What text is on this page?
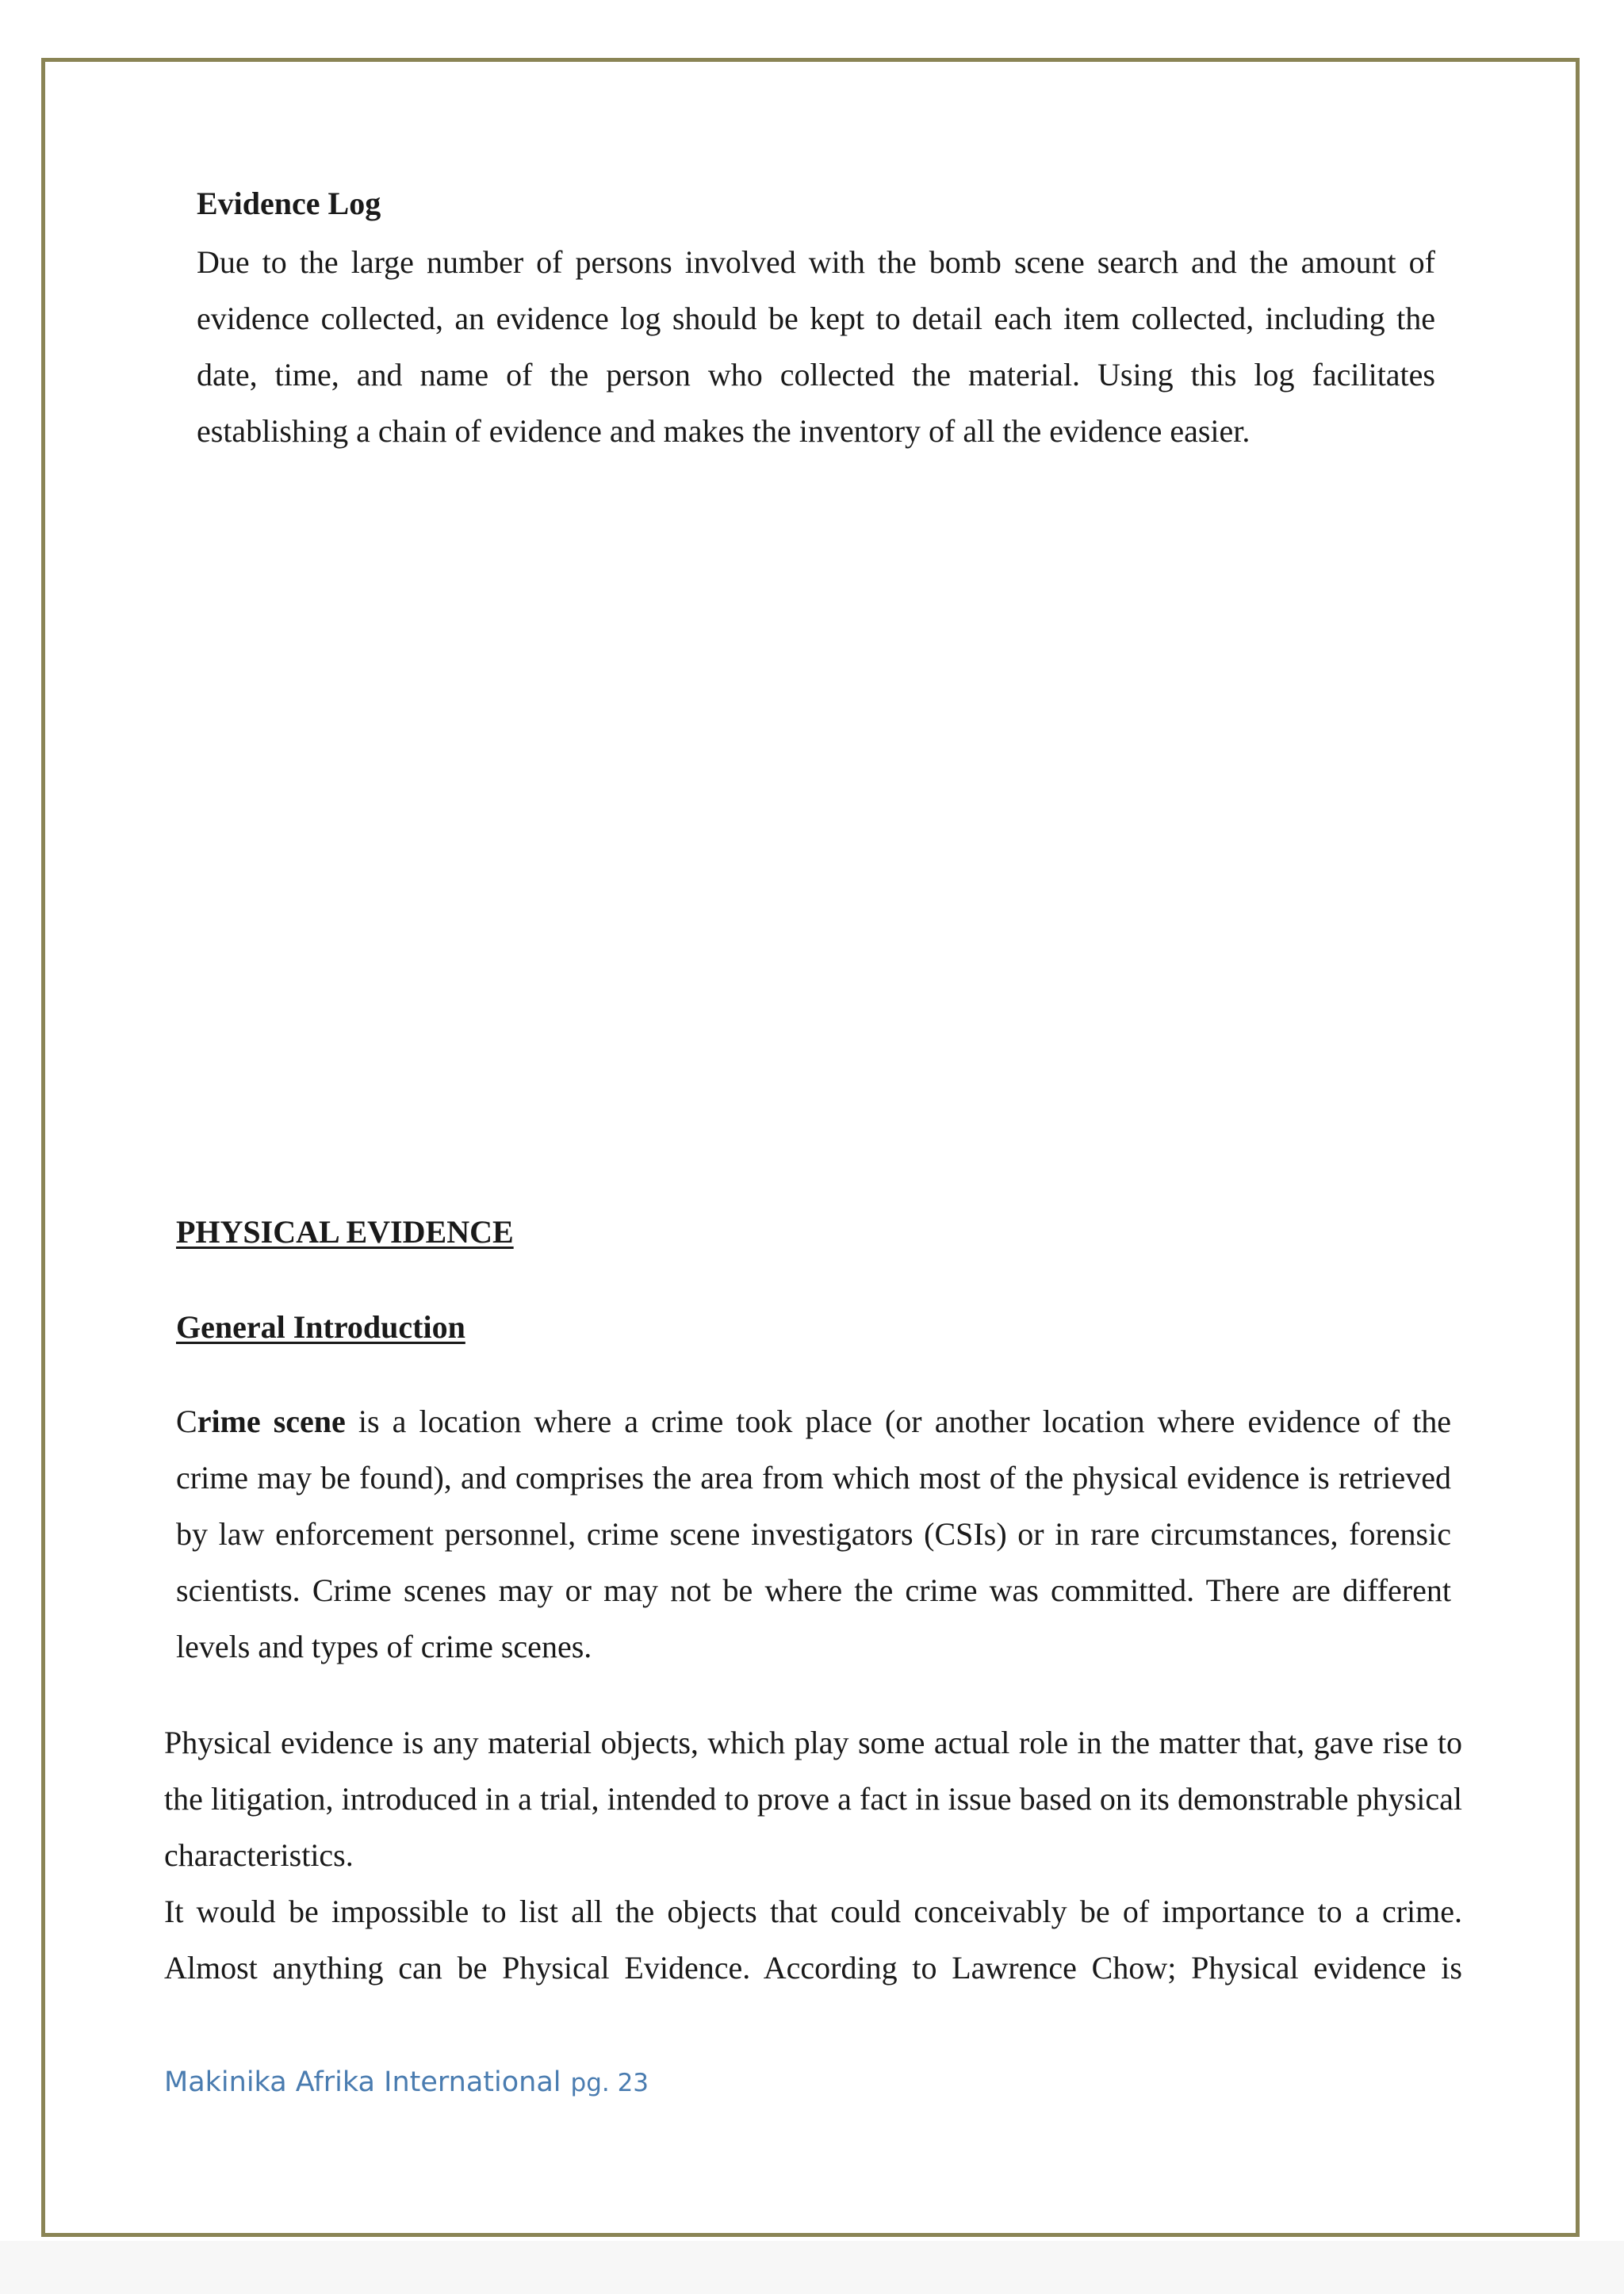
Evidence Log

Due to the large number of persons involved with the bomb scene search and the amount of evidence collected, an evidence log should be kept to detail each item collected, including the date, time, and name of the person who collected the material. Using this log facilitates establishing a chain of evidence and makes the inventory of all the evidence easier.

PHYSICAL EVIDENCE
General Introduction

Crime scene is a location where a crime took place (or another location where evidence of the crime may be found), and comprises the area from which most of the physical evidence is retrieved by law enforcement personnel, crime scene investigators (CSIs) or in rare circumstances, forensic scientists. Crime scenes may or may not be where the crime was committed. There are different levels and types of crime scenes.

Physical evidence is any material objects, which play some actual role in the matter that, gave rise to the litigation, introduced in a trial, intended to prove a fact in issue based on its demonstrable physical characteristics.

It would be impossible to list all the objects that could conceivably be of importance to a crime. Almost anything can be Physical Evidence. According to Lawrence Chow; Physical evidence is

Makinika Afrika International pg. 23
